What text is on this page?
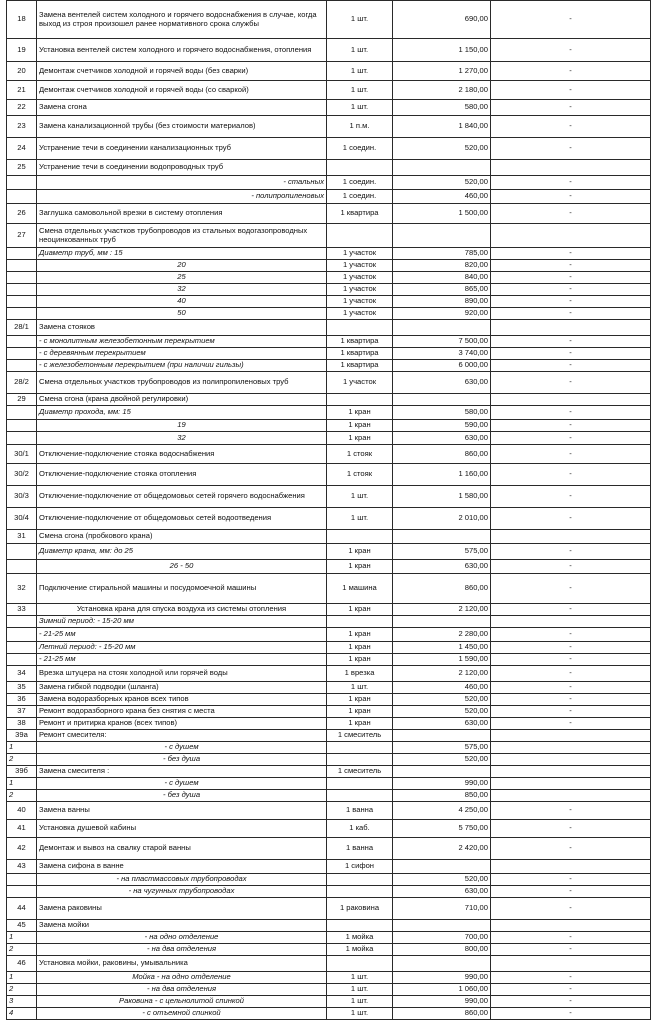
18	Замена вентелей систем холодного и горячего водоснабжения в случае, когда выход из строя произошел ранее нормативного срока службы	1 шт.	690,00	-
19	Установка вентелей систем холодного и горячего водоснабжения, отопления	1 шт.	1 150,00	-
20	Демонтаж счетчиков холодной и горячей воды (без сварки)	1 шт.	1 270,00	-
21	Демонтаж счетчиков холодной и горячей воды (со сваркой)	1 шт.	2 180,00	-
22	Замена сгона	1 шт.	580,00	-
23	Замена канализационной трубы (без стоимости материалов)	1 п.м.	1 840,00	-
24	Устранение течи в соединении канализационных труб	1 соедин.	520,00	-
25	Устранение течи в соединении водопроводных труб			
	- стальных	1 соедин.	520,00	-
	- полипропиленовых	1 соедин.	460,00	-
26	Заглушка самовольной врезки в систему отопления	1 квартира	1 500,00	-
27	Смена отдельных участков трубопроводов из стальных водогазопроводных неоцинкованных труб			
	Диаметр труб, мм : 15	1 участок	785,00	-
	20	1 участок	820,00	-
	25	1 участок	840,00	-
	32	1 участок	865,00	-
	40	1 участок	890,00	-
	50	1 участок	920,00	-
28/1	Замена стояков			
	- с монолитным железобетонным перекрытием	1 квартира	7 500,00	-
	- с деревянным перекрытием	1 квартира	3 740,00	-
	- с железобетонным перекрытием (при наличии гильзы)	1 квартира	6 000,00	-
28/2	Смена отдельных участков трубопроводов из полипропиленовых труб	1 участок	630,00	-
29	Смена сгона (крана двойной регулировки)			
	Диаметр прохода, мм: 15	1 кран	580,00	-
	19	1 кран	590,00	-
	32	1 кран	630,00	-
30/1	Отключение-подключение стояка водоснабжения	1 стояк	860,00	-
30/2	Отключение-подключение стояка отопления	1 стояк	1 160,00	-
30/3	Отключение-подключение от общедомовых сетей горячего водоснабжения	1 шт.	1 580,00	-
30/4	Отключение-подключение от общедомовых сетей водоотведения	1 шт.	2 010,00	-
31	Смена сгона (пробкового крана)			
	Диаметр крана, мм: до 25	1 кран	575,00	-
	26 - 50	1 кран	630,00	-
32	Подключение стиральной машины и посудомоечной машины	1 машина	860,00	-
33	Установка крана для спуска воздуха из системы отопления	1 кран	2 120,00	-
	Зимний период: - 15-20 мм			
	- 21-25 мм	1 кран	2 280,00	-
	Летний период: - 15-20 мм	1 кран	1 450,00	-
	- 21-25 мм	1 кран	1 590,00	-
34	Врезка штуцера на стояк холодной или горячей воды	1 врезка	2 120,00	-
35	Замена гибкой подводки (шланга)	1 шт.	460,00	-
36	Замена водоразборных кранов всех типов	1 кран	520,00	-
37	Ремонт водоразборного крана без снятия с места	1 кран	520,00	-
38	Ремонт и притирка кранов (всех типов)	1 кран	630,00	-
39а	Ремонт смесителя:	1 смеситель		
1	- с душем		575,00	
2	- без душа		520,00	
39б	Замена смесителя :	1 смеситель		
1	- с душем		990,00	
2	- без душа		850,00	
40	Замена ванны	1 ванна	4 250,00	-
41	Установка душевой кабины	1 каб.	5 750,00	-
42	Демонтаж и вывоз на свалку старой ванны	1 ванна	2 420,00	-
43	Замена сифона в ванне	1 сифон		
	- на пластмассовых трубопроводах		520,00	-
	- на чугунных трубопроводах		630,00	-
44	Замена раковины	1 раковина	710,00	-
45	Замена мойки			
1	- на одно отделение	1 мойка	700,00	-
2	- на два отделения	1 мойка	800,00	-
46	Установка мойки, раковины, умывальника			
1	Мойка - на одно отделение	1 шт.	990,00	-
2	- на два отделения	1 шт.	1 060,00	-
3	Раковина - с цельнолитой спинкой	1 шт.	990,00	-
4	- с отъемной спинкой	1 шт.	860,00	-
